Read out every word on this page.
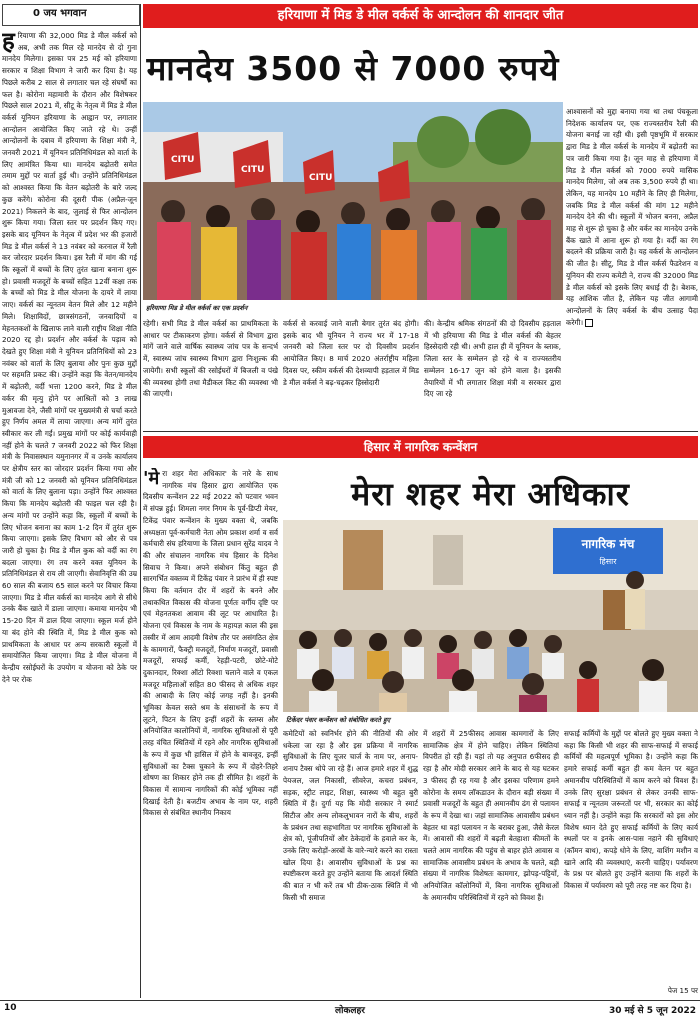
0 जय भगवान	हरियाणा में मिड डे मील वर्कर्स के आन्दोलन की शानदार जीत
मानदेय 3500 से 7000 रुपये

हरियाणा की 32,000 मिड डे मील वर्कर्स को अब, अभी तक मिल रहे मानदेय से दो गुना मानदेय मिलेगा। इसका पत्र 25 मई को हरियाणा सरकार व शिक्षा विभाग ने जारी कर दिया है। यह पिछले करीब 2 साल से लगातार चल रहे संघर्षों का फल है। कोरोना महामारी के दौरान और विशेषकर पिछले साल 2021 में, सीटू के नेतृत्व में मिड डे मील वर्कर्स यूनियन हरियाणा के आह्वान पर, लगातार आन्दोलन आयोजित किए जाते रहे थे। उन्हीं आन्दोलनों के दबाव में हरियाणा के शिक्षा मंत्री ने, जनवरी 2021 में यूनियन प्रतिनिधिमंडल को वार्ता के लिए आमंत्रित किया था। मानदेय बढ़ोतरी समेत तमाम मुद्दों पर वार्ता हुई थी। उन्होंने प्रतिनिधिमंडल को आश्वस्त किया कि वेतन बढ़ोतरी के बारे जल्द कुछ करेंगे। कोरोना की दूसरी पीक (अप्रैल-जून 2021) निकलने के बाद, जुलाई से फिर आन्दोलन शुरू किया गया। जिला स्तर पर प्रदर्शन किए गए। इसके बाद यूनियन के नेतृत्व में प्रदेश भर की हजारों मिड डे मील वर्कर्स ने 13 नवंबर को करनाल में रैली कर जोरदार प्रदर्शन किया। इस रैली में मांग की गई कि स्कूलों में बच्चों के लिए तुरंत खाना बनाना शुरू हो। प्रवासी मजदूरों के बच्चों सहित 12वीं कक्षा तक के बच्चों को मिड डे मील योजना के दायरे में लाया जाए। वर्कर्स का न्यूनतम वेतन मिले और 12 महीने मिले। शिक्षाविदों, छात्रसंगठनों, जनवादियों व मेहनतकशों के खिलाफ लाने वाली राष्ट्रीय शिक्षा नीति 2020 रद्द हो। प्रदर्शन और वर्कर्स के पड़ाव को देखते हुए शिक्षा मंत्री ने यूनियन प्रतिनिधियों को 23 नवंबर को वार्ता के लिए बुलाया और पुनः कुछ मुद्दों पर सहमति प्रकट की। उन्होंने कहा कि वेतन/मानदेय में बढ़ोतरी, वर्दी भत्ता 1200 करने, मिड डे मील वर्कर की मृत्यु होने पर आश्रितों को 3 लाख मुआवजा देने, जैसी मांगों पर मुख्यमंत्री से चर्चा करते हुए निर्णय अमल में लाया जाएगा। अन्य मांगें तुरंत स्वीकार कर ली गईं। प्रमुख मांगों पर कोई कार्यवाही नहीं होने के चलते 7 जनवरी 2022 को फिर शिक्षा मंत्री के निवासस्थान यमुनानगर में व उनके कार्यालय पर क्षेत्रीय स्तर का जोरदार प्रदर्शन किया गया और मंत्री जी को 12 जनवरी को यूनियन प्रतिनिधिमंडल को वार्ता के लिए बुलाना पड़ा। उन्होंने फिर आश्वस्त किया कि मानदेय बढ़ोतरी की फाइल चल रही है। अन्य मांगों पर उन्होंने कहा कि, स्कूलों में बच्चों के लिए भोजन बनाना का काम 1-2 दिन में तुरंत शुरू किया जाएगा। इसके लिए विभाग को और से पत्र जारी हो चुका है। मिड डे मील कुक को वर्दी का रंग बदला जाएगा। रंग तय करने वक्त यूनियन के प्रतिनिधिमंडल से राय ली जाएगी। सेवानिवृत्ति की उम्र 60 साल की बजाय 65 साल करने पर विचार किया जाएगा। मिड डे मील वर्कर्स का मानदेय आगे से सीधे उनके बैंक खाते में डाला जाएगा। कमाया मानदेय भी 15-20 दिन में डाल दिया जाएगा। स्कूल मर्ज होने या बंद होने की स्थिति में, मिड डे मील कुक को प्राथमिकता के आधार पर अन्य सरकारी स्कूलों में समायोजित किया जाएगा। मिड डे मील योजना में केन्द्रीय रसोईघरों के उपयोग व योजना को ठेके पर देने पर रोक

CITU
CITU
CITU
हरियाणा मिड डे मील वर्कर्स का एक प्रदर्शन

आश्वासनों को मुद्दा बनाया गया था तथा पंचकूला निदेशक कार्यालय पर, एक राज्यस्तरीय रैली की योजना बनाई जा रही थी। इसी पृष्ठभूमि में सरकार द्वारा मिड डे मील वर्कर्स के मानदेय में बढ़ोतरी का पत्र जारी किया गया है। जून माह से हरियाणा में मिड डे मील वर्कर्स को 7000 रुपये मासिक मानदेय मिलेगा, जो अब तक 3,500 रुपये ही था। लेकिन, यह मानदेय 10 महीने के लिए ही मिलेगा, जबकि मिड डे मील वर्कर्स की मांग 12 महीने मानदेय देने की थी। स्कूलों में भोजन बनना, अप्रैल माह से शुरू हो चुका है और वर्कर का मानदेय उनके बैंक खाते में आना शुरू हो गया है। वर्दी का रंग बदलने की प्रक्रिया जारी है। यह वर्कर्स के आन्दोलन की जीत है। सीटू, मिड डे मील वर्कर्स फैडरेशन व यूनियन की राज्य कमेटी ने, राज्य की 32000 मिड डे मील वर्कर्स को इसके लिए बधाई दी है। बेशक, यह आंशिक जीत है, लेकिन यह जीत आगामी आन्दोलनों के लिए वर्कर्स के बीच उत्साह पैदा करेगी।

रहेगी। सभी मिड डे मील वर्कर्स का प्राथमिकता के आधार पर टीकाकरण होगा। वर्कर्स से विभाग द्वारा मांगें जाने वाले वार्षिक स्वास्थ्य जांच पत्र के सन्दर्भ में, स्वास्थ्य जांच स्वास्थ्य विभाग द्वारा निःशुल्क की जायेगी। सभी स्कूलों की रसोईघरों में बिजली व पंखे की व्यवस्था होगी तथा मैडीकल किट की व्यवस्था भी की जाएगी।

वर्कर्स से करवाई जाने वाली बेगार तुरंत बंद होगी। इसके बाद भी यूनियन ने राज्य भर में 17-18 जनवरी को जिला स्तर पर दो दिवसीय प्रदर्शन आयोजित किए। 8 मार्च 2020 अंतर्राष्ट्रीय महिला दिवस पर, स्कीम वर्कर्स की देशव्यापी हड़ताल में मिड डे मील वर्कर्स ने बढ़-चढ़कर हिस्सेदारी

की। केन्द्रीय श्रमिक संगठनों की दो दिवसीय हड़ताल में भी हरियाणा की मिड डे मील वर्कर्स की बेहतर हिस्सेदारी रही थी। अभी हाल ही में यूनियन के ब्लाक, जिला स्तर के सम्मेलन हो रहे थे व राज्यस्तरीय सम्मेलन 16-17 जून को होने वाला है। इसकी तैयारियों में भी लगातार शिक्षा मंत्री व सरकार द्वारा दिए जा रहे

हिसार में नागरिक कन्वेंशन

'मेरा शहर मेरा अधिकार' के नारे के साथ नागरिक मंच हिसार द्वारा आयोजित एक दिवसीय कन्वेंशन 22 मई 2022 को पटवार भवन में संपन्न हुई। शिमला नगर निगम के पूर्व-डिप्टी मेयर, टिकेंद्र पंवार कन्वेंशन के मुख्य वक्ता थे, जबकि अध्यक्षता पूर्व-कर्मचारी नेता ओम प्रकाश शर्मा व सर्व कर्मचारी संघ हरियाणा के जिला प्रधान सुरेंद्र यादव ने की और संचालन नागरिक मंच हिसार के दिनेश सिवाच ने किया। अपने संबोधन किंतु बहुत ही सारगर्भित वक्तव्य में टिकेंद्र पंवार ने प्रारंभ में ही स्पष्ट किया कि वर्तमान दौर में शहरों के बनने और तथाकथित विकास की योजना पूर्णतः वर्गीय दृष्टि पर एवं मेहनतकश आवाम की लूट पर आधारित है। योजना एवं विकास के नाम के महायज्ञ काल की इस तस्वीर में आम आदमी विशेष तौर पर असंगठित क्षेत्र के कामगारों, फैक्ट्री मजदूरों, निर्माण मजदूरों, प्रवासी मजदूरों, सफाई कर्मी, रेहड़ी-पटरी, छोटे-मोटे दुकानदार, रिक्शा ऑटो रिक्शा चलाने वाले व एकल मजदूर महिलाओं सहित 80 फीसद से अधिक शहर की आबादी के लिए कोई जगह नहीं है। इनकी भूमिका केवल सस्ते श्रम के संसाधनों के रूप में लूटने, पिटन के लिए इन्हीं शहरों के स्लम्स और अनियोजित कालोनियों में, नागरिक सुविधाओं से पूरी तरह वंचित स्थितियों में रहने और नागरिक सुविधाओं के रूप में कुछ भी हासिल में होने के बावजूद, इन्हीं सुविधाओं का टैक्स चुकाने के रूप में दोहरे-तिहरे शोषण का शिकार होने तक ही सीमित है। शहरों के विकास में सामान्य नागरिकों की कोई भूमिका नहीं दिखाई देती है। बजटीय अभाव के नाम पर, शहरी विकास से संबंधित स्थानीय निकाय

मेरा शहर मेरा अधिकार
नागरिक मंच
हिसार
टिकेंदर पंवार कन्वेंशन को संबोधित करते हुए

कमेटियों को स्वनिर्भर होने की नीतियों की ओर धकेला जा रहा है और इस प्रक्रिया में नागरिक सुविधाओं के लिए यूजर चार्ज के नाम पर, अनाप-शनाप टैक्स थोपे जा रहे हैं। आज हमारे शहर में शुद्ध पेयजल, जल निकासी, सीवरेज, कचरा प्रबंधन, सड़क, स्ट्रीट लाइट, शिक्षा, स्वास्थ्य भी बहुत बुरी स्थिति में हैं। दुर्गा यह कि मोदी सरकार ने स्मार्ट सिटीज और अन्य लोकलुभावन नारों के बीच, शहरों के प्रबंधन तथा सहभागिता पर नागरिक सुविधाओं के क्षेत्र को, पूंजीपतियों और ठेकेदारों के हवाले कर के, उनके लिए करोड़ों-अरबों के वारे-न्यारे करने का रास्ता खोल दिया है। आवासीय सुविधाओं के प्रश्न का स्पष्टीकरण करते हुए उन्होंने बताया कि आदर्श स्थिति की बात न भी करें तब भी ठीक-ठाक स्थिति में भी किसी भी समाज

में शहरों में 25फीसद आवास कामगारों के लिए सामाजिक क्षेत्र में होने चाहिए। लेकिन स्थितियां विपरीत हो रही हैं। यहां तो यह अनुपात 6फीसद ही रहा है और मोदी सरकार आने के बाद से यह घटकर 3 फीसद ही रह गया है और इसका परिणाम हमने कोरोना के समय लॉकडाउन के दौरान बड़ी संख्या में प्रवासी मजदूरों के बहुत ही अमानवीय ढंग से पलायन के रूप में देखा था। जहां सामाजिक आवासीय प्रबंधन बेहतर था वहां पलायन न के बराबर हुआ, जैसे केरल में। आवासों की शहरों में बढ़ती बेतहाशा कीमतों के चलते आम नागरिक की पहुंच से बाहर होते आवास व सामाजिक आवासीय प्रबंधन के अभाव के चलते, बड़ी संख्या में नागरिक विशेषतः कामगार, झोपड़-पट्टियों, अनियोजित कॉलोनियों में, बिना नागरिक सुविधाओं के अमानवीय परिस्थितियों में रहने को विवश हैं।

सफाई कर्मियों के मुद्दों पर बोलते हुए मुख्य वक्ता ने कहा कि किसी भी शहर की साफ-सफाई में सफाई कर्मियों की महत्वपूर्ण भूमिका है। उन्होंने कहा कि हमारे सफाई कर्मी बहुत ही कम वेतन पर बहुत अमानवीय परिस्थितियों में काम करने को विवश हैं। उनके लिए सुरक्षा प्रबंधन से लेकर उनकी साफ-सफाई व न्यूनतम जरूरतों पर भी, सरकार का कोई ध्यान नहीं है। उन्होंने कहा कि सरकारों को इस ओर विशेष ध्यान देते हुए सफाई कर्मियों के लिए कार्य स्थलों पर व इनके आस-पास नहाने की सुविधाएं (कॉमन बाथ), कपड़े धोने के लिए, वाशिंग मशीन व खाने आदि की व्यवस्थाएं, करनी चाहिए। पर्यावरण के प्रश्न पर बोलते हुए उन्होंने बताया कि शहरों के विकास में पर्यावरण को पूरी तरह नष्ट कर दिया है।

पेज 15 पर
10	लोकलहर	30 मई से 5 जून 2022
